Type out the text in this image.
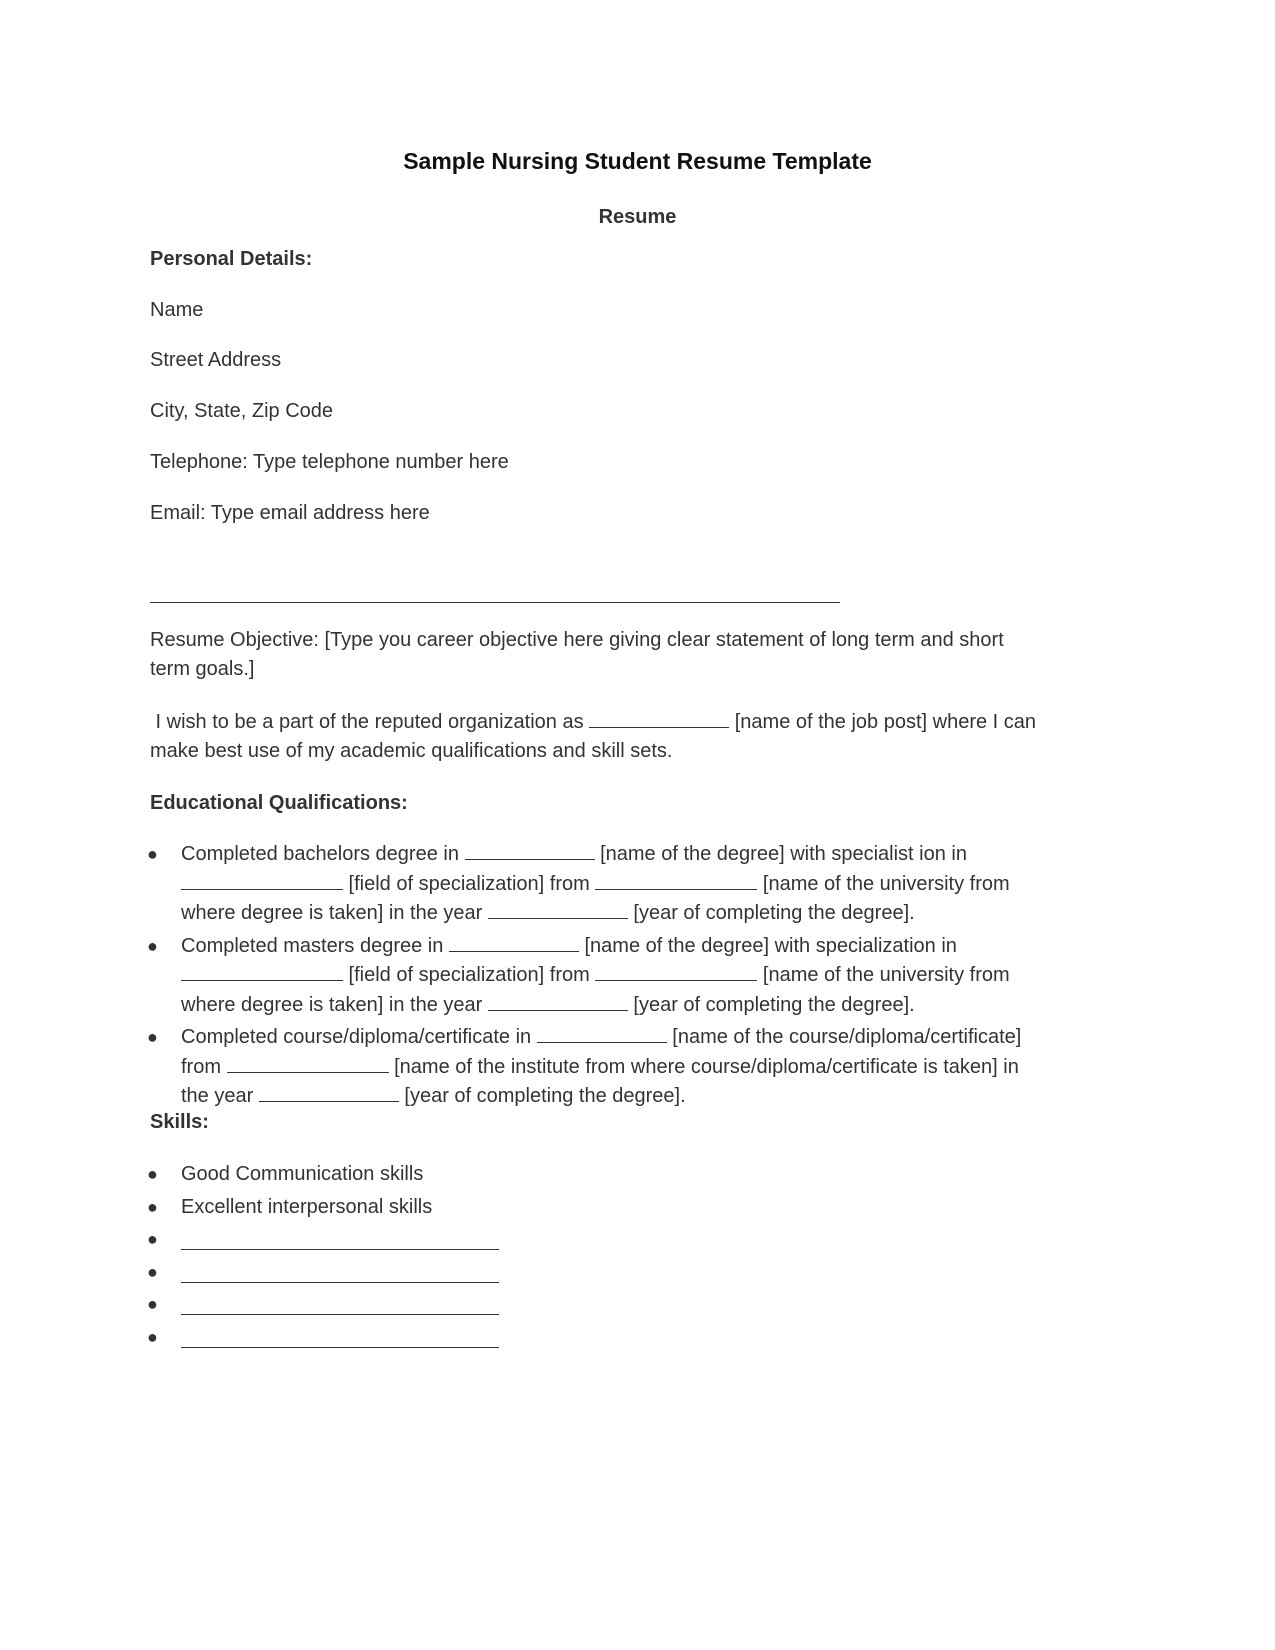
Sample Nursing Student Resume Template
Resume
Personal Details:
Name
Street Address
City, State, Zip Code
Telephone: Type telephone number here
Email: Type email address here
Resume Objective: [Type you career objective here giving clear statement of long term and short
term goals.]
I wish to be a part of the reputed organization as	[name of the job post] where I can
make best use of my academic qualifications and skill sets.
Educational Qualifications:
● Completed bachelors degree in	[name of the degree] with specialist ion in
[field of specialization] from	[name of the university from
where degree is taken] in the year	[year of completing the degree].
● Completed masters degree in	[name of the degree] with specialization in
[field of specialization] from	[name of the university from
where degree is taken] in the year	[year of completing the degree].
● Completed course/diploma/certificate in	[name of the course/diploma/certificate]
from	[name of the institute from where course/diploma/certificate is taken] in
the year	[year of completing the degree].
Skills:
● Good Communication skills
● Excellent interpersonal skills
●
●
●
●
